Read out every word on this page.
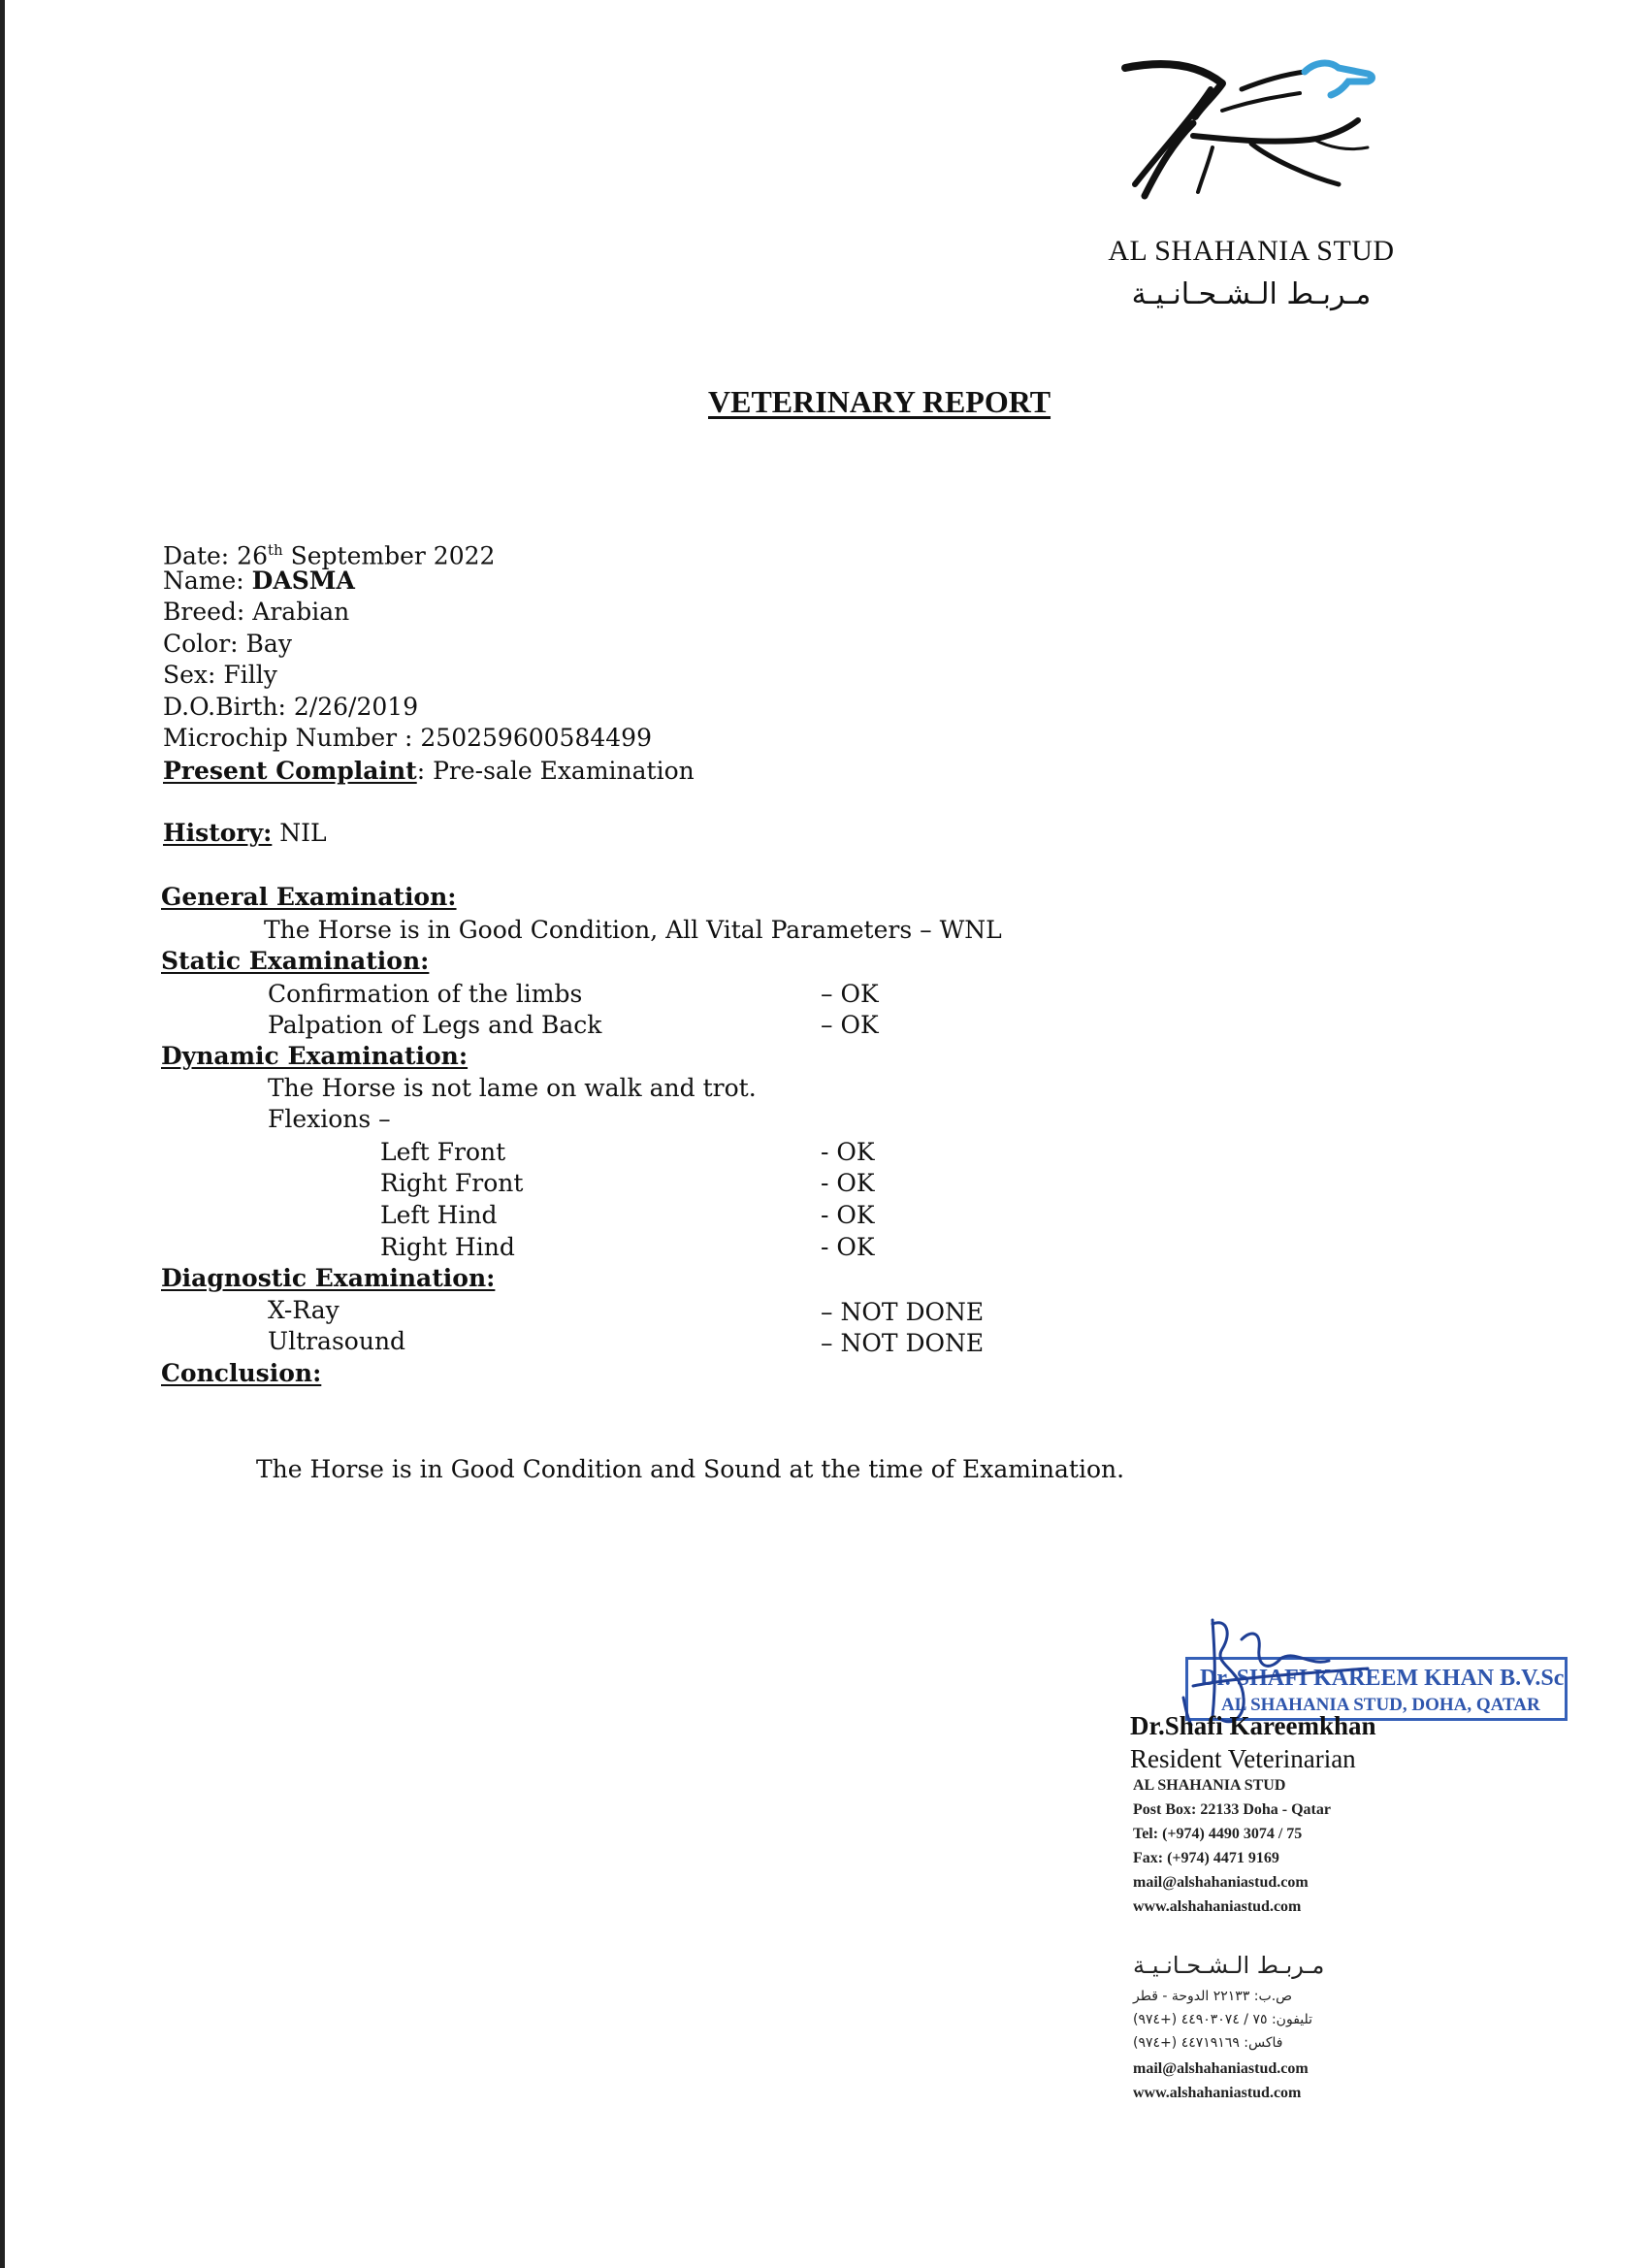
AL SHAHANIA STUD
مـربـط الـشـحـانـيـة
VETERINARY REPORT
Date: 26th September 2022
Name: DASMA
Breed: Arabian
Color: Bay
Sex: Filly
D.O.Birth: 2/26/2019
Microchip Number : 250259600584499
Present Complaint: Pre-sale Examination
History: NIL
General Examination:
The Horse is in Good Condition, All Vital Parameters – WNL
Static Examination:
Confirmation of the limbs	– OK
Palpation of Legs and Back	– OK
Dynamic Examination:
The Horse is not lame on walk and trot.
Flexions –
Left Front	- OK
Right Front	- OK
Left Hind	- OK
Right Hind	- OK
Diagnostic Examination:
X-Ray	– NOT DONE
Ultrasound	– NOT DONE
Conclusion:
The Horse is in Good Condition and Sound at the time of Examination.
Dr. SHAFI KAREEM KHAN B.V.Sc
AL SHAHANIA STUD, DOHA, QATAR
Dr.Shafi Kareemkhan
Resident Veterinarian
AL SHAHANIA STUD
Post Box: 22133 Doha - Qatar
Tel: (+974) 4490 3074 / 75
Fax: (+974) 4471 9169
mail@alshahaniastud.com
www.alshahaniastud.com
مـربـط الـشـحـانـيـة
ص.ب: ٢٢١٣٣ الدوحة - قطر
تليفون: ٧٥ / ٤٤٩٠٣٠٧٤ (+٩٧٤)
فاكس: ٤٤٧١٩١٦٩ (+٩٧٤)
mail@alshahaniastud.com
www.alshahaniastud.com
